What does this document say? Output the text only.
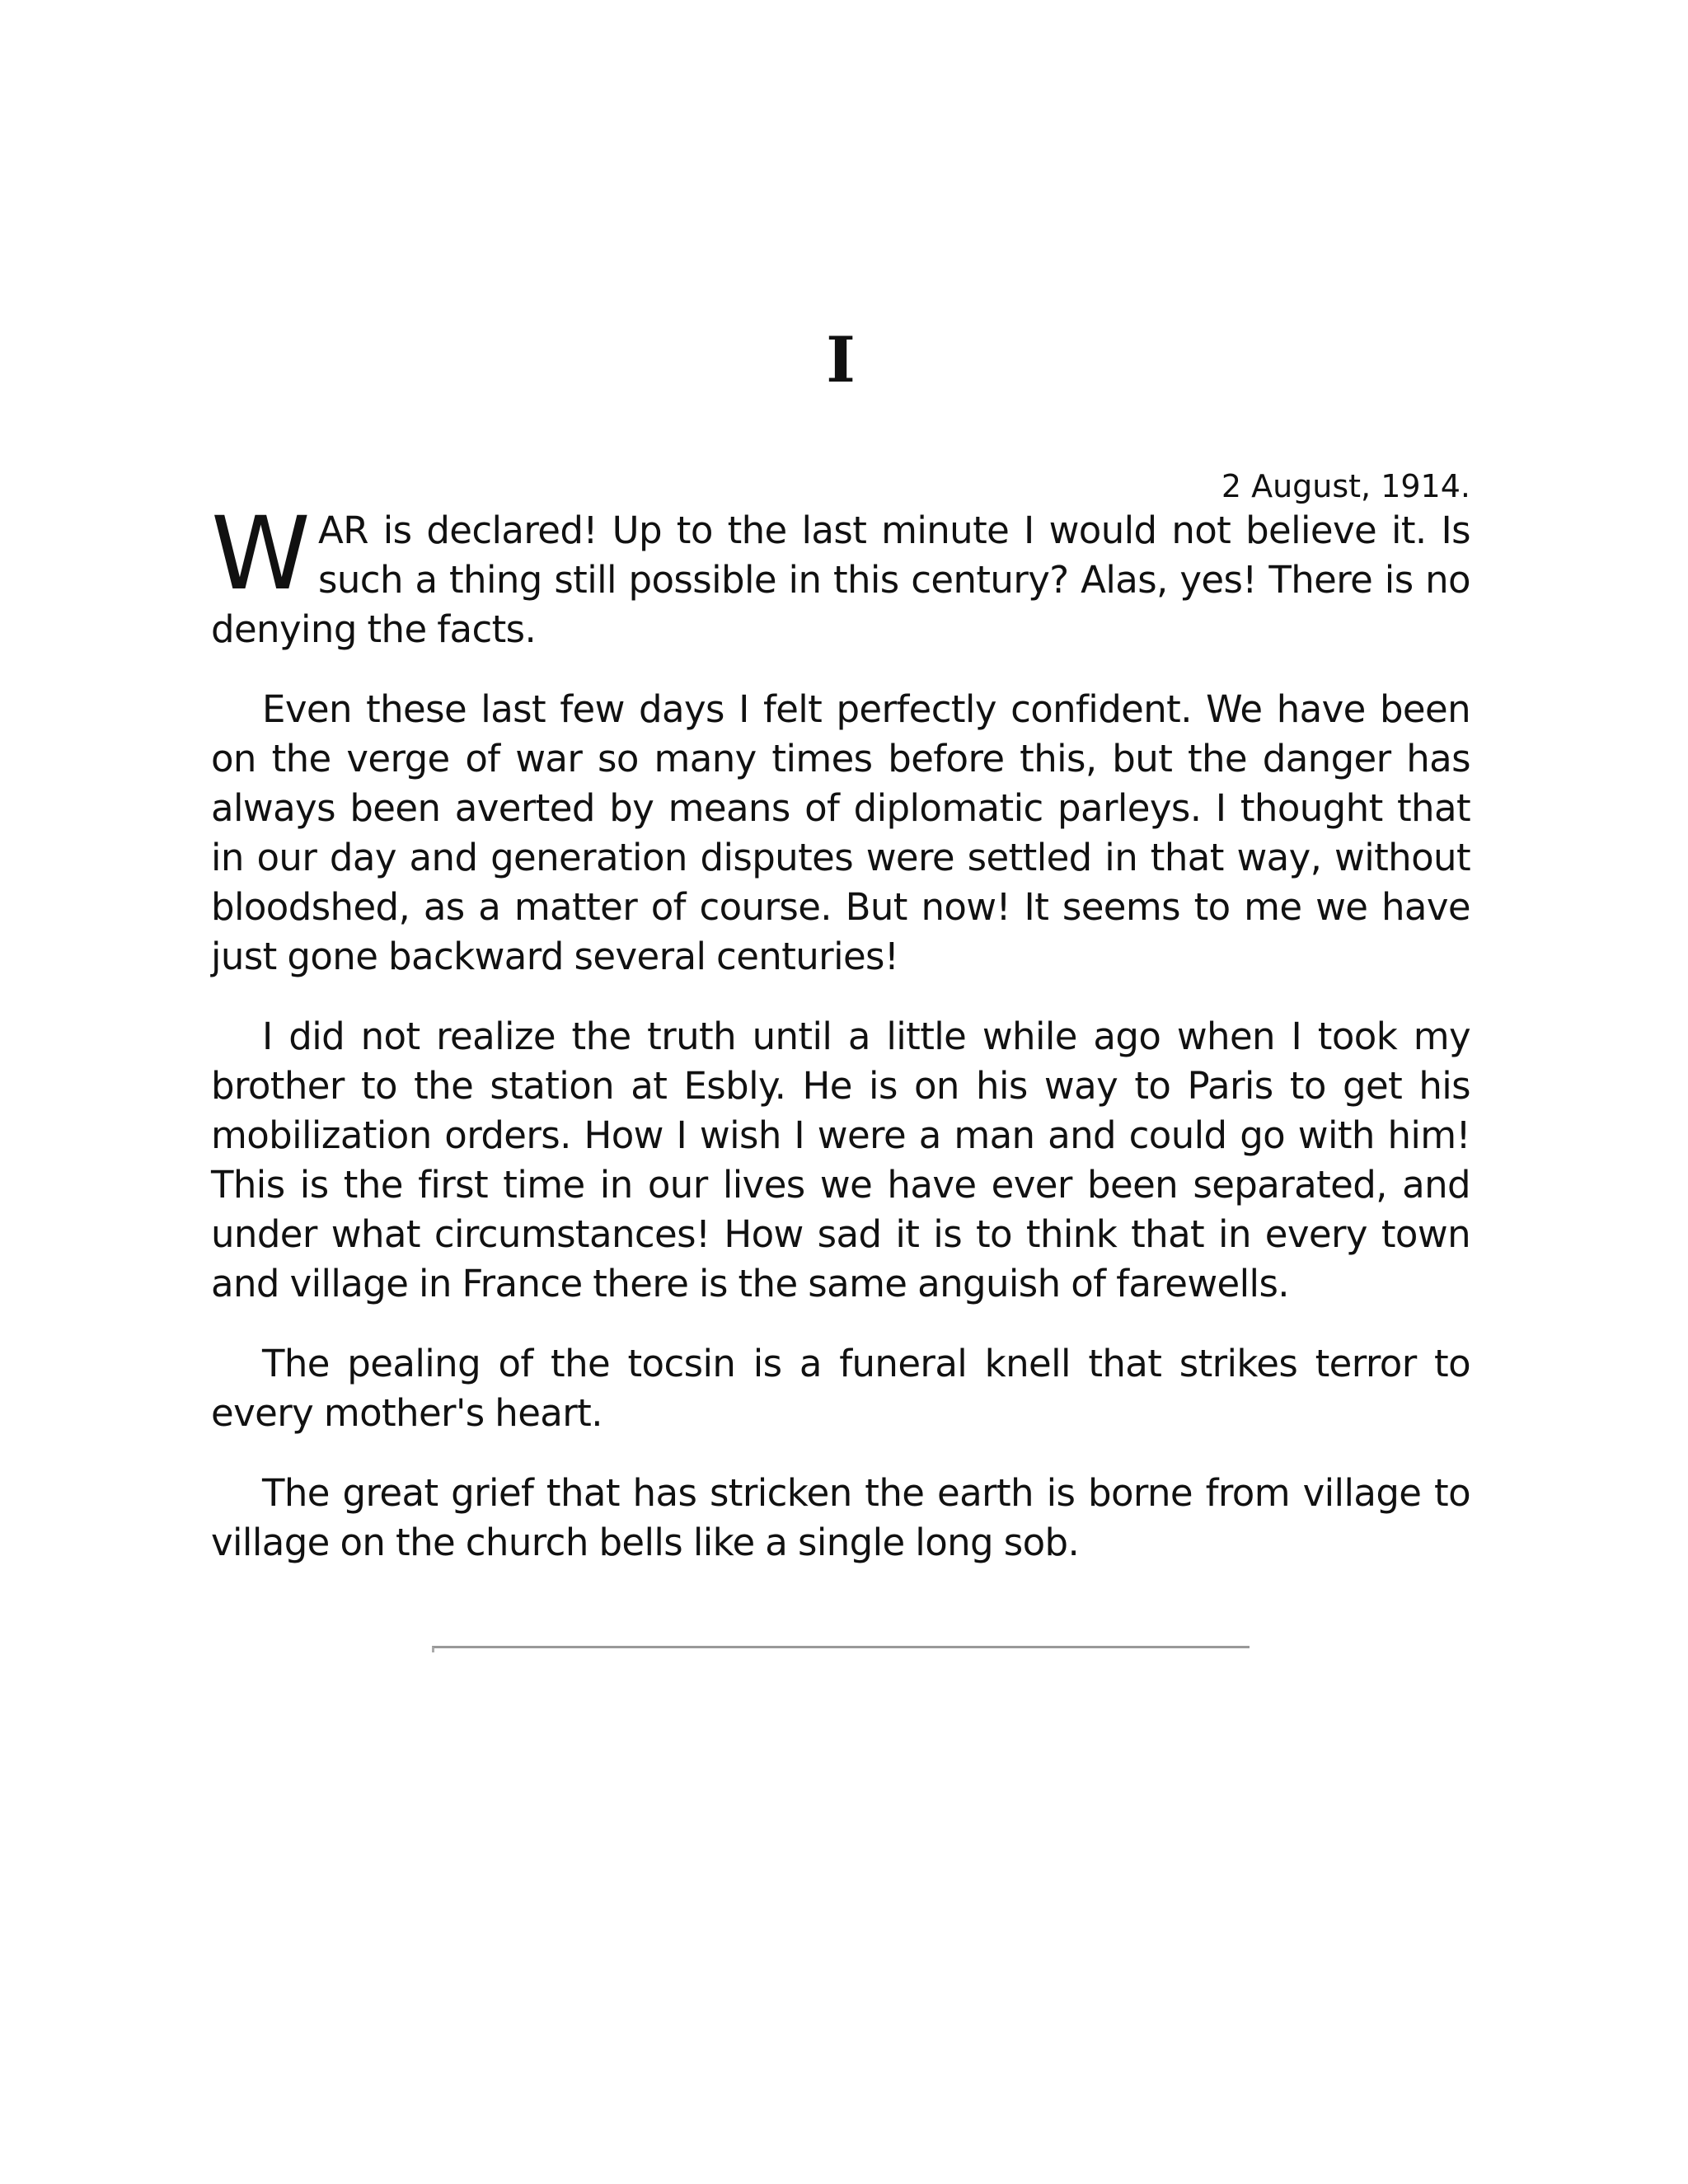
I

2 August, 1914.

WAR is declared! Up to the last minute I would not believe it. Is such a thing still possible in this century? Alas, yes! There is no denying the facts.

Even these last few days I felt perfectly confident. We have been on the verge of war so many times before this, but the danger has always been averted by means of diplomatic parleys. I thought that in our day and generation disputes were settled in that way, without bloodshed, as a matter of course. But now! It seems to me we have just gone backward several centuries!

I did not realize the truth until a little while ago when I took my brother to the station at Esbly. He is on his way to Paris to get his mobilization orders. How I wish I were a man and could go with him! This is the first time in our lives we have ever been separated, and under what circumstances! How sad it is to think that in every town and village in France there is the same anguish of farewells.

The pealing of the tocsin is a funeral knell that strikes terror to every mother's heart.

The great grief that has stricken the earth is borne from village to village on the church bells like a single long sob.
